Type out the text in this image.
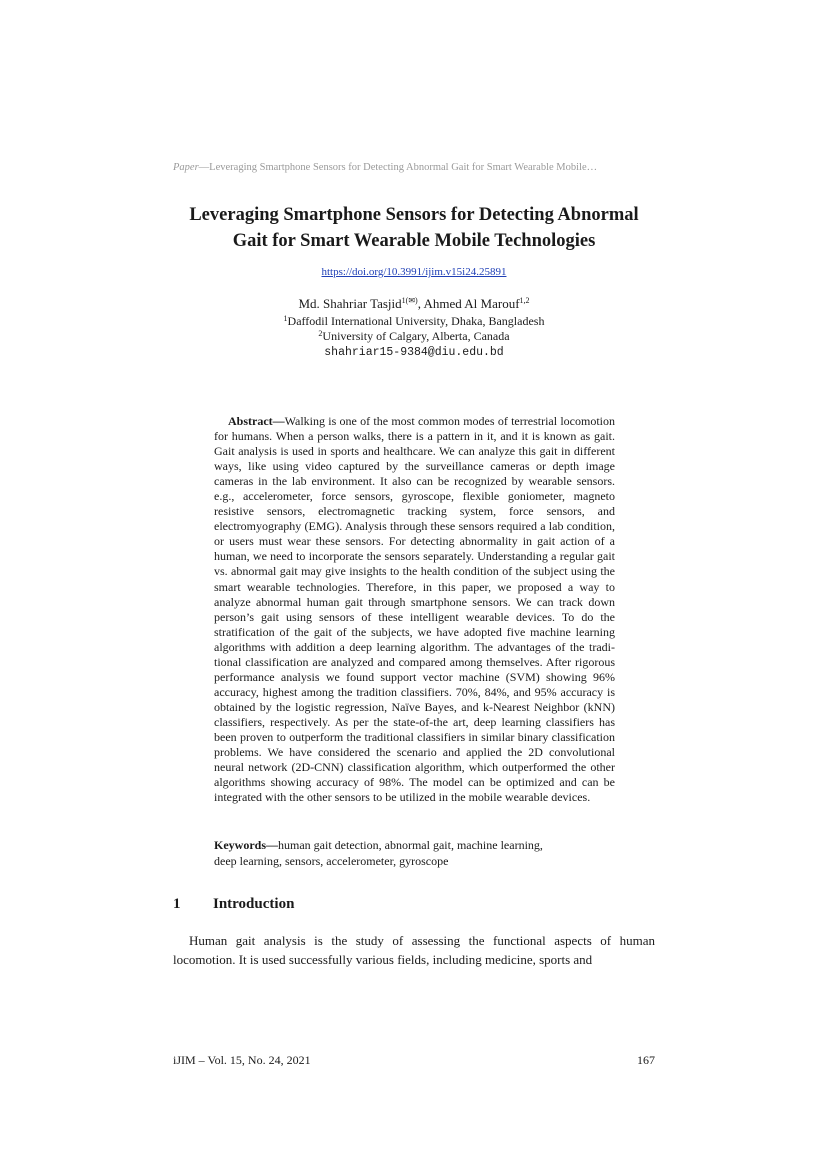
Paper—Leveraging Smartphone Sensors for Detecting Abnormal Gait for Smart Wearable Mobile…
Leveraging Smartphone Sensors for Detecting Abnormal
Gait for Smart Wearable Mobile Technologies
https://doi.org/10.3991/ijim.v15i24.25891
Md. Shahriar Tasjid$^{1(✉)}$, Ahmed Al Marouf$^{1,2}$
$^1$Daffodil International University, Dhaka, Bangladesh
$^2$University of Calgary, Alberta, Canada
shahriar15-9384@diu.edu.bd

Abstract—Walking is one of the most common modes of terrestrial locomotion for humans. When a person walks, there is a pattern in it, and it is known as gait. Gait analysis is used in sports and healthcare. We can analyze this gait in different ways, like using video captured by the surveillance cameras or depth image cameras in the lab environment. It also can be recognized by wearable sensors. e.g., accelerometer, force sensors, gyroscope, flexible goniometer, magneto resistive sensors, electromagnetic tracking system, force sensors, and electromyography (EMG). Analysis through these sensors required a lab condition, or users must wear these sensors. For detecting abnormality in gait action of a human, we need to incorporate the sensors separately. Understanding a regular gait vs. abnormal gait may give insights to the health condition of the subject using the smart wearable technologies. Therefore, in this paper, we proposed a way to analyze abnormal human gait through smartphone sensors. We can track down person’s gait using sensors of these intelligent wearable devices. To do the stratification of the gait of the subjects, we have adopted five machine learning algorithms with addition a deep learning algorithm. The advantages of the traditional classification are analyzed and compared among themselves. After rigorous performance analysis we found support vector machine (SVM) showing 96% accuracy, highest among the tradition classifiers. 70%, 84%, and 95% accuracy is obtained by the logistic regression, Naïve Bayes, and k-Nearest Neighbor (kNN) classifiers, respectively. As per the state-of-the art, deep learning classifiers has been proven to outperform the traditional classifiers in similar binary classification problems. We have considered the scenario and applied the 2D convolutional neural network (2D-CNN) classification algorithm, which outperformed the other algorithms showing accuracy of 98%. The model can be optimized and can be integrated with the other sensors to be utilized in the mobile wearable devices.

Keywords—human gait detection, abnormal gait, machine learning,
deep learning, sensors, accelerometer, gyroscope

1 Introduction

Human gait analysis is the study of assessing the functional aspects of human locomotion. It is used successfully various fields, including medicine, sports and

iJIM – Vol. 15, No. 24, 2021	167
